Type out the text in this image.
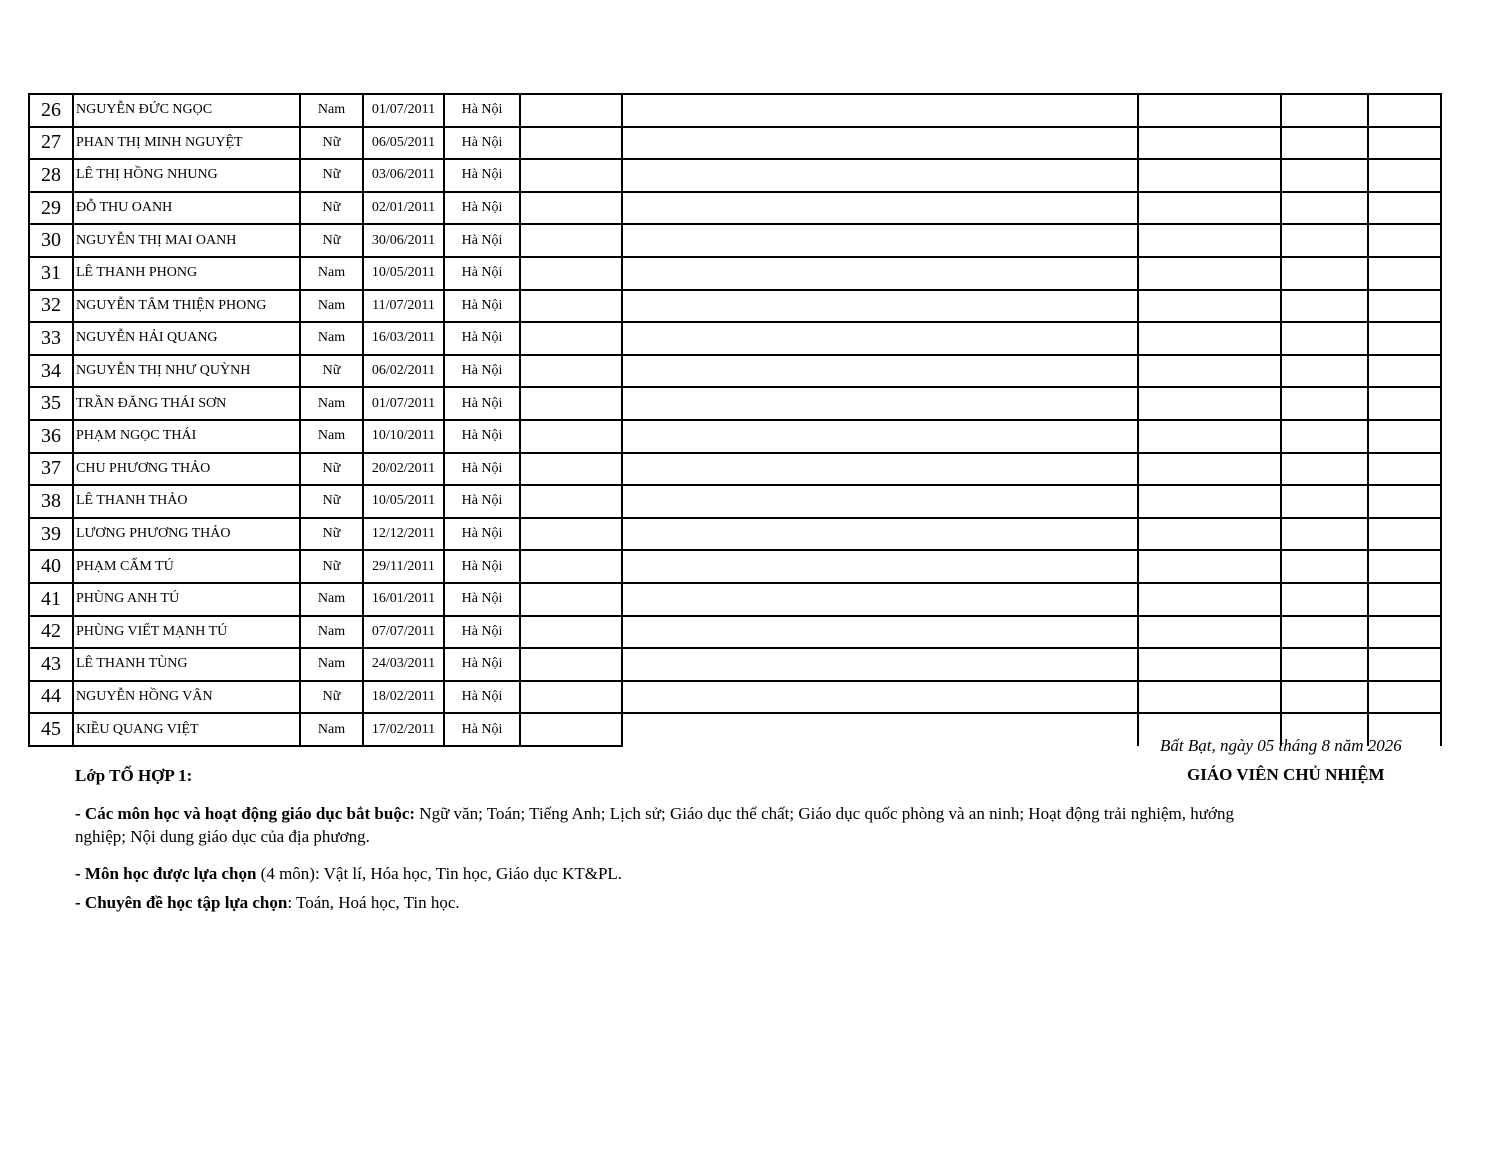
26	NGUYỄN ĐỨC NGỌC	Nam	01/07/2011	Hà Nội					
27	PHAN THỊ MINH NGUYỆT	Nữ	06/05/2011	Hà Nội					
28	LÊ THỊ HỒNG NHUNG	Nữ	03/06/2011	Hà Nội					
29	ĐỖ THU OANH	Nữ	02/01/2011	Hà Nội					
30	NGUYỄN THỊ MAI OANH	Nữ	30/06/2011	Hà Nội					
31	LÊ THANH PHONG	Nam	10/05/2011	Hà Nội					
32	NGUYỄN TÂM THIỆN PHONG	Nam	11/07/2011	Hà Nội					
33	NGUYỄN HẢI QUANG	Nam	16/03/2011	Hà Nội					
34	NGUYỄN THỊ NHƯ QUỲNH	Nữ	06/02/2011	Hà Nội					
35	TRẦN ĐĂNG THÁI SƠN	Nam	01/07/2011	Hà Nội					
36	PHẠM NGỌC THÁI	Nam	10/10/2011	Hà Nội					
37	CHU PHƯƠNG THẢO	Nữ	20/02/2011	Hà Nội					
38	LÊ THANH THẢO	Nữ	10/05/2011	Hà Nội					
39	LƯƠNG PHƯƠNG THẢO	Nữ	12/12/2011	Hà Nội					
40	PHẠM CẨM TÚ	Nữ	29/11/2011	Hà Nội					
41	PHÙNG ANH TÚ	Nam	16/01/2011	Hà Nội					
42	PHÙNG VIẾT MẠNH TÚ	Nam	07/07/2011	Hà Nội					
43	LÊ THANH TÙNG	Nam	24/03/2011	Hà Nội					
44	NGUYỄN HỒNG VÂN	Nữ	18/02/2011	Hà Nội					
45	KIỀU QUANG VIỆT	Nam	17/02/2011	Hà Nội					
Bất Bạt, ngày 05 tháng 8 năm 2026
GIÁO VIÊN CHỦ NHIỆM
Lớp TỔ HỢP 1:
- Các môn học và hoạt động giáo dục bắt buộc: Ngữ văn; Toán; Tiếng Anh; Lịch sử; Giáo dục thể chất; Giáo dục quốc phòng và an ninh; Hoạt động trải nghiệm, hướng nghiệp; Nội dung giáo dục của địa phương.
- Môn học được lựa chọn (4 môn): Vật lí, Hóa học, Tin học, Giáo dục KT&PL.
- Chuyên đề học tập lựa chọn: Toán, Hoá học, Tin học.
